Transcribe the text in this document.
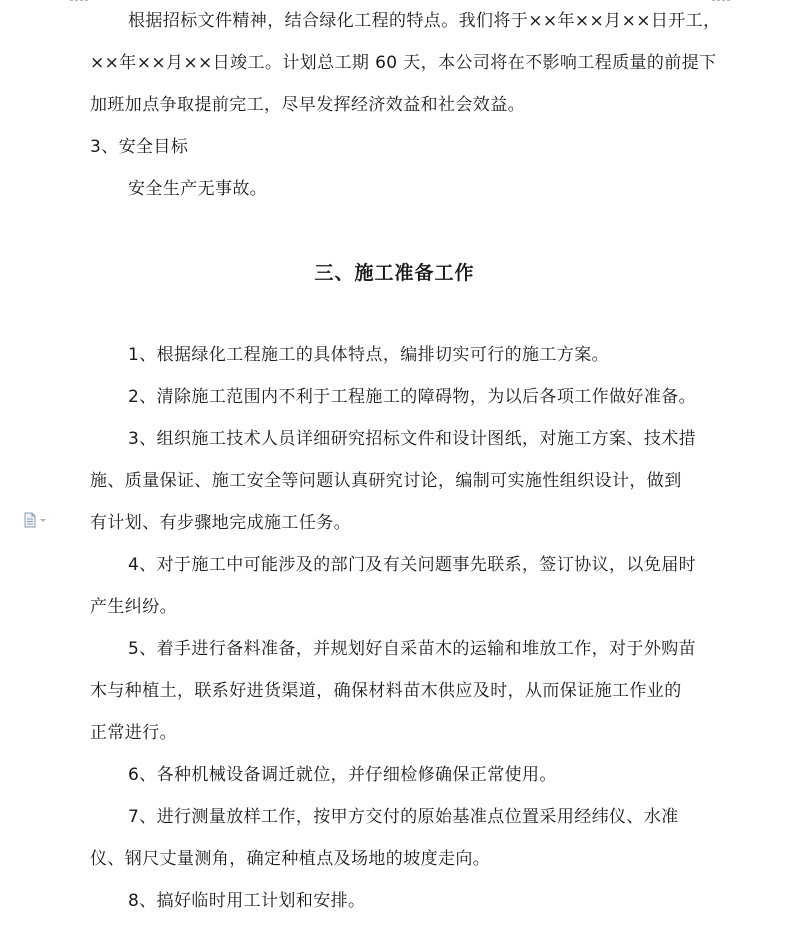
根据招标文件精神，结合绿化工程的特点。我们将于××年××月××日开工，
××年××月××日竣工。计划总工期 60 天，本公司将在不影响工程质量的前提下
加班加点争取提前完工，尽早发挥经济效益和社会效益。
3、安全目标
安全生产无事故。
三、施工准备工作
1、根据绿化工程施工的具体特点，编排切实可行的施工方案。
2、清除施工范围内不利于工程施工的障碍物，为以后各项工作做好准备。
3、组织施工技术人员详细研究招标文件和设计图纸，对施工方案、技术措
施、质量保证、施工安全等问题认真研究讨论，编制可实施性组织设计，做到
有计划、有步骤地完成施工任务。
4、对于施工中可能涉及的部门及有关问题事先联系，签订协议，以免届时
产生纠纷。
5、着手进行备料准备，并规划好自采苗木的运输和堆放工作，对于外购苗
木与种植土，联系好进货渠道，确保材料苗木供应及时，从而保证施工作业的
正常进行。
6、各种机械设备调迁就位，并仔细检修确保正常使用。
7、进行测量放样工作，按甲方交付的原始基准点位置采用经纬仪、水准
仪、钢尺丈量测角，确定种植点及场地的坡度走向。
8、搞好临时用工计划和安排。
